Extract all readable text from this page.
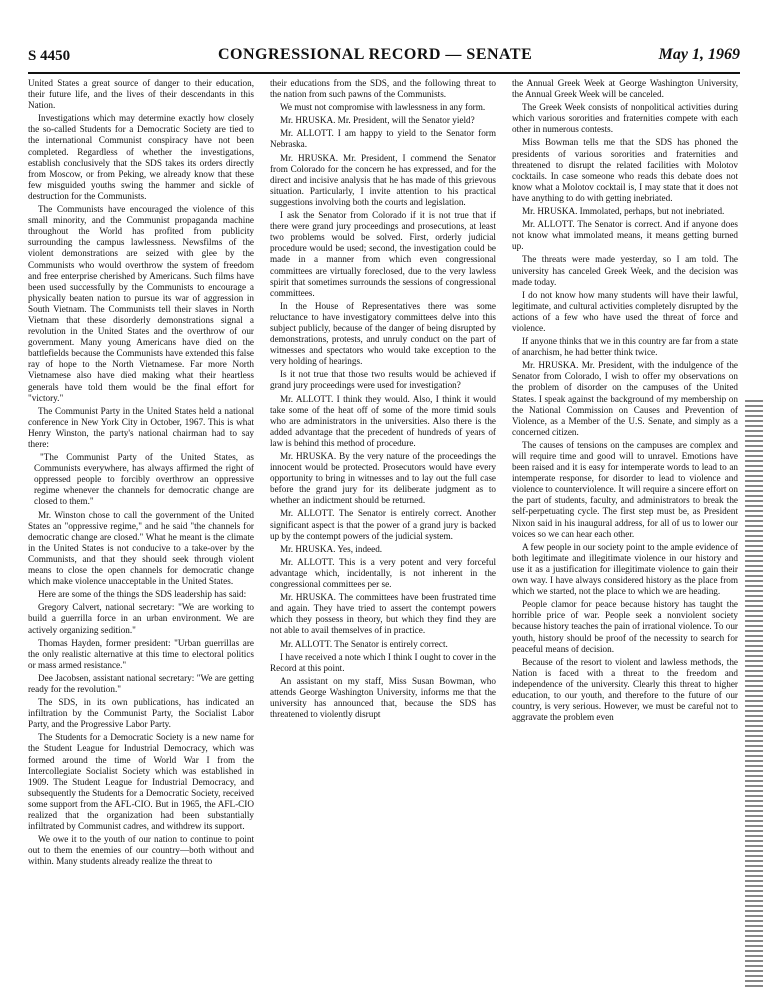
S 4450	CONGRESSIONAL RECORD — SENATE	May 1, 1969

United States a great source of danger to their education, their future life, and the lives of their descendants in this Nation.

Investigations which may determine exactly how closely the so-called Students for a Democratic Society are tied to the international Communist conspiracy have not been completed. Regardless of whether the investigations, establish conclusively that the SDS takes its orders directly from Moscow, or from Peking, we already know that these few misguided youths swing the hammer and sickle of destruction for the Communists.

The Communists have encouraged the violence of this small minority, and the Communist propaganda machine throughout the World has profited from publicity surrounding the campus lawlessness. Newsfilms of the violent demonstrations are seized with glee by the Communists who would overthrow the system of freedom and free enterprise cherished by Americans. Such films have been used successfully by the Communists to encourage a physically beaten nation to pursue its war of aggression in South Vietnam. The Communists tell their slaves in North Vietnam that these disorderly demonstrations signal a revolution in the United States and the overthrow of our government. Many young Americans have died on the battlefields because the Communists have extended this false ray of hope to the North Vietnamese. Far more North Vietnamese also have died making what their heartless generals have told them would be the final effort for "victory."

The Communist Party in the United States held a national conference in New York City in October, 1967. This is what Henry Winston, the party's national chairman had to say there:

"The Communist Party of the United States, as Communists everywhere, has always affirmed the right of oppressed people to forcibly overthrow an oppressive regime whenever the channels for democratic change are closed to them."

Mr. Winston chose to call the government of the United States an "oppressive regime," and he said "the channels for democratic change are closed." What he meant is the climate in the United States is not conducive to a take-over by the Communists, and that they should seek through violent means to close the open channels for democratic change which make violence unacceptable in the United States.

Here are some of the things the SDS leadership has said:

Gregory Calvert, national secretary: "We are working to build a guerrilla force in an urban environment. We are actively organizing sedition."

Thomas Hayden, former president: "Urban guerrillas are the only realistic alternative at this time to electoral politics or mass armed resistance."

Dee Jacobsen, assistant national secretary: "We are getting ready for the revolution."

The SDS, in its own publications, has indicated an infiltration by the Communist Party, the Socialist Labor Party, and the Progressive Labor Party.

The Students for a Democratic Society is a new name for the Student League for Industrial Democracy, which was formed around the time of World War I from the Intercollegiate Socialist Society which was established in 1909. The Student League for Industrial Democracy, and subsequently the Students for a Democratic Society, received some support from the AFL-CIO. But in 1965, the AFL-CIO realized that the organization had been substantially infiltrated by Communist cadres, and withdrew its support.

We owe it to the youth of our nation to continue to point out to them the enemies of our country—both without and within. Many students already realize the threat to

their educations from the SDS, and the following threat to the nation from such pawns of the Communists.

We must not compromise with lawlessness in any form.

Mr. HRUSKA. Mr. President, will the Senator yield?

Mr. ALLOTT. I am happy to yield to the Senator form Nebraska.

Mr. HRUSKA. Mr. President, I commend the Senator from Colorado for the concern he has expressed, and for the direct and incisive analysis that he has made of this grievous situation. Particularly, I invite attention to his practical suggestions involving both the courts and legislation.

I ask the Senator from Colorado if it is not true that if there were grand jury proceedings and prosecutions, at least two problems would be solved. First, orderly judicial procedure would be used; second, the investigation could be made in a manner from which even congressional committees are virtually foreclosed, due to the very lawless spirit that sometimes surrounds the sessions of congressional committees.

In the House of Representatives there was some reluctance to have investigatory committees delve into this subject publicly, because of the danger of being disrupted by demonstrations, protests, and unruly conduct on the part of witnesses and spectators who would take exception to the very holding of hearings.

Is it not true that those two results would be achieved if grand jury proceedings were used for investigation?

Mr. ALLOTT. I think they would. Also, I think it would take some of the heat off of some of the more timid souls who are administrators in the universities. Also there is the added advantage that the precedent of hundreds of years of law is behind this method of procedure.

Mr. HRUSKA. By the very nature of the proceedings the innocent would be protected. Prosecutors would have every opportunity to bring in witnesses and to lay out the full case before the grand jury for its deliberate judgment as to whether an indictment should be returned.

Mr. ALLOTT. The Senator is entirely correct. Another significant aspect is that the power of a grand jury is backed up by the contempt powers of the judicial system.

Mr. HRUSKA. Yes, indeed.

Mr. ALLOTT. This is a very potent and very forceful advantage which, incidentally, is not inherent in the congressional committees per se.

Mr. HRUSKA. The committees have been frustrated time and again. They have tried to assert the contempt powers which they possess in theory, but which they find they are not able to avail themselves of in practice.

Mr. ALLOTT. The Senator is entirely correct.

I have received a note which I think I ought to cover in the Record at this point.

An assistant on my staff, Miss Susan Bowman, who attends George Washington University, informs me that the university has announced that, because the SDS has threatened to violently disrupt

the Annual Greek Week at George Washington University, the Annual Greek Week will be canceled.

The Greek Week consists of nonpolitical activities during which various sororities and fraternities compete with each other in numerous contests.

Miss Bowman tells me that the SDS has phoned the presidents of various sororities and fraternities and threatened to disrupt the related facilities with Molotov cocktails. In case someone who reads this debate does not know what a Molotov cocktail is, I may state that it does not have anything to do with getting inebriated.

Mr. HRUSKA. Immolated, perhaps, but not inebriated.

Mr. ALLOTT. The Senator is correct. And if anyone does not know what immolated means, it means getting burned up.

The threats were made yesterday, so I am told. The university has canceled Greek Week, and the decision was made today.

I do not know how many students will have their lawful, legitimate, and cultural activities completely disrupted by the actions of a few who have used the threat of force and violence.

If anyone thinks that we in this country are far from a state of anarchism, he had better think twice.

Mr. HRUSKA. Mr. President, with the indulgence of the Senator from Colorado, I wish to offer my observations on the problem of disorder on the campuses of the United States. I speak against the background of my membership on the National Commission on Causes and Prevention of Violence, as a Member of the U.S. Senate, and simply as a concerned citizen.

The causes of tensions on the campuses are complex and will require time and good will to unravel. Emotions have been raised and it is easy for intemperate words to lead to an intemperate response, for disorder to lead to violence and violence to counterviolence. It will require a sincere effort on the part of students, faculty, and administrators to break the self-perpetuating cycle. The first step must be, as President Nixon said in his inaugural address, for all of us to lower our voices so we can hear each other.

A few people in our society point to the ample evidence of both legitimate and illegitimate violence in our history and use it as a justification for illegitimate violence to gain their own way. I have always considered history as the place from which we started, not the place to which we are heading.

People clamor for peace because history has taught the horrible price of war. People seek a nonviolent society because history teaches the pain of irrational violence. To our youth, history should be proof of the necessity to search for peaceful means of decision.

Because of the resort to violent and lawless methods, the Nation is faced with a threat to the freedom and independence of the university. Clearly this threat to higher education, to our youth, and therefore to the future of our country, is very serious. However, we must be careful not to aggravate the problem even
